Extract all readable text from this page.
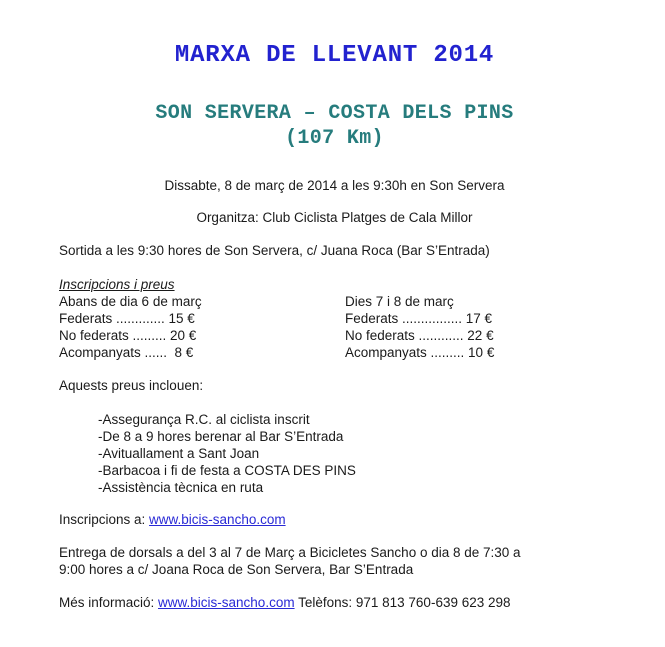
MARXA DE LLEVANT 2014
SON SERVERA – COSTA DELS PINS
(107 Km)

Dissabte, 8 de març de 2014 a les 9:30h en Son Servera

Organitza: Club Ciclista Platges de Cala Millor

Sortida a les 9:30 hores de Son Servera, c/ Juana Roca (Bar S’Entrada)

Inscripcions i preus

Abans de dia 6 de març
Federats ............. 15 €
No federats ......... 20 €
Acompanyats ......  8 €
Dies 7 i 8 de març
Federats ................ 17 €
No federats ............ 22 €
Acompanyats ......... 10 €

Aquests preus inclouen:

-Assegurança R.C. al ciclista inscrit
-De 8 a 9 hores berenar al Bar S’Entrada
-Avituallament a Sant Joan
-Barbacoa i fi de festa a COSTA DES PINS
-Assistència tècnica en ruta

Inscripcions a: www.bicis-sancho.com

Entrega de dorsals a del 3 al 7 de Març a Bicicletes Sancho o dia 8 de 7:30 a
9:00 hores a c/ Joana Roca de Son Servera, Bar S’Entrada

Més informació: www.bicis-sancho.com Telèfons: 971 813 760-639 623 298
